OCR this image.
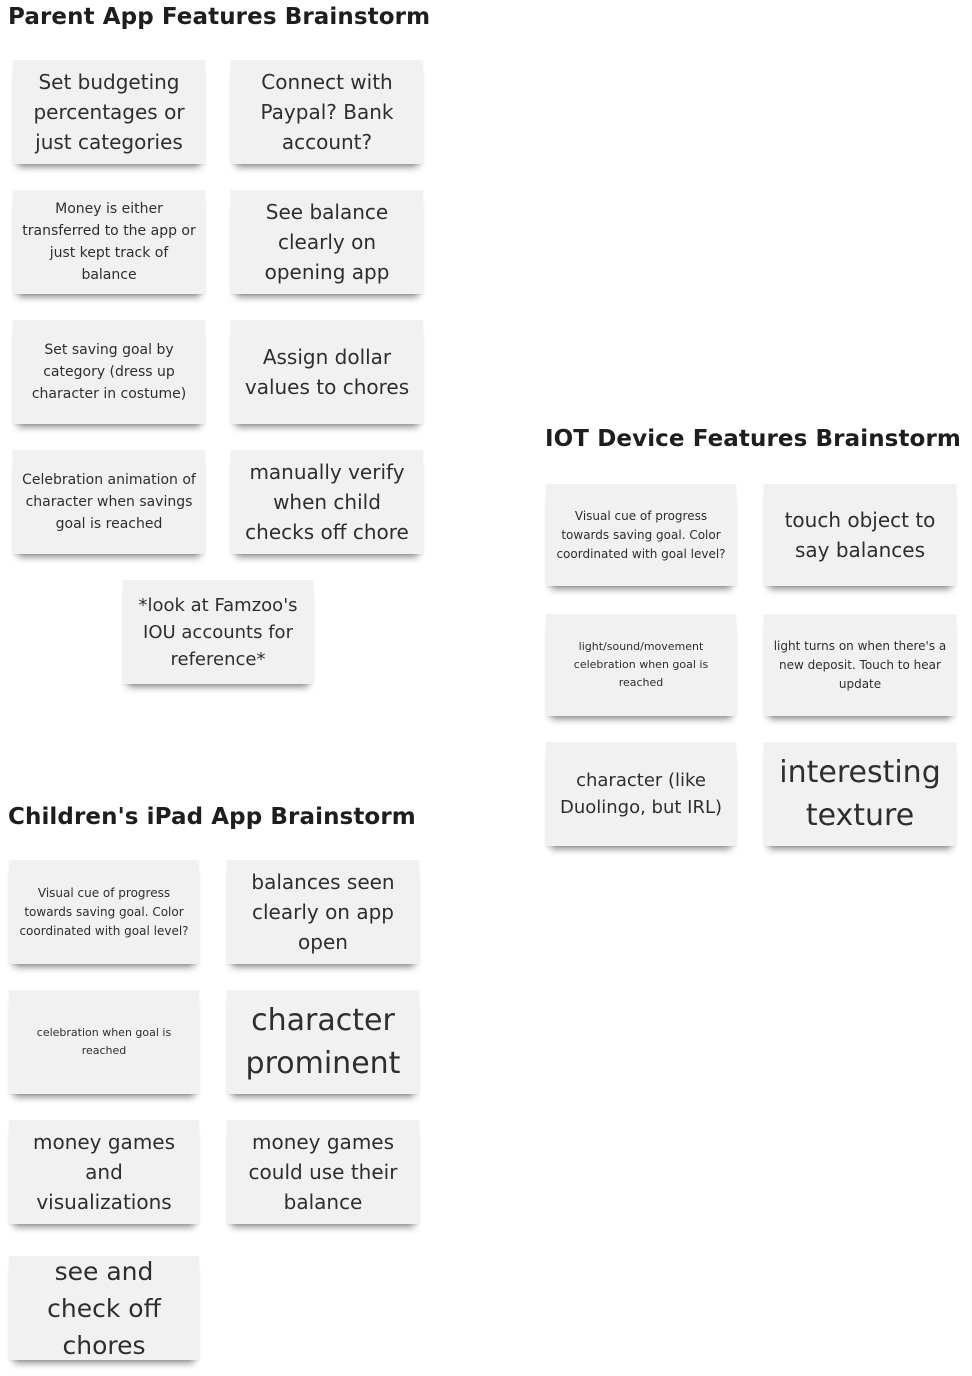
Parent App Features Brainstorm
Set budgeting percentages or just categories
Connect with Paypal? Bank account?
Money is either transferred to the app or just kept track of balance
See balance clearly on opening app
Set saving goal by category (dress up character in costume)
Assign dollar values to chores
Celebration animation of character when savings goal is reached
manually verify when child checks off chore
*look at Famzoo's IOU accounts for reference*
IOT Device Features Brainstorm
Visual cue of progress towards saving goal. Color coordinated with goal level?
touch object to say balances
light/sound/movement celebration when goal is reached
light turns on when there's a new deposit. Touch to hear update
character (like Duolingo, but IRL)
interesting texture
Children's iPad App Brainstorm
Visual cue of progress towards saving goal. Color coordinated with goal level?
balances seen clearly on app open
celebration when goal is reached
character prominent
money games and visualizations
money games could use their balance
see and check off chores
